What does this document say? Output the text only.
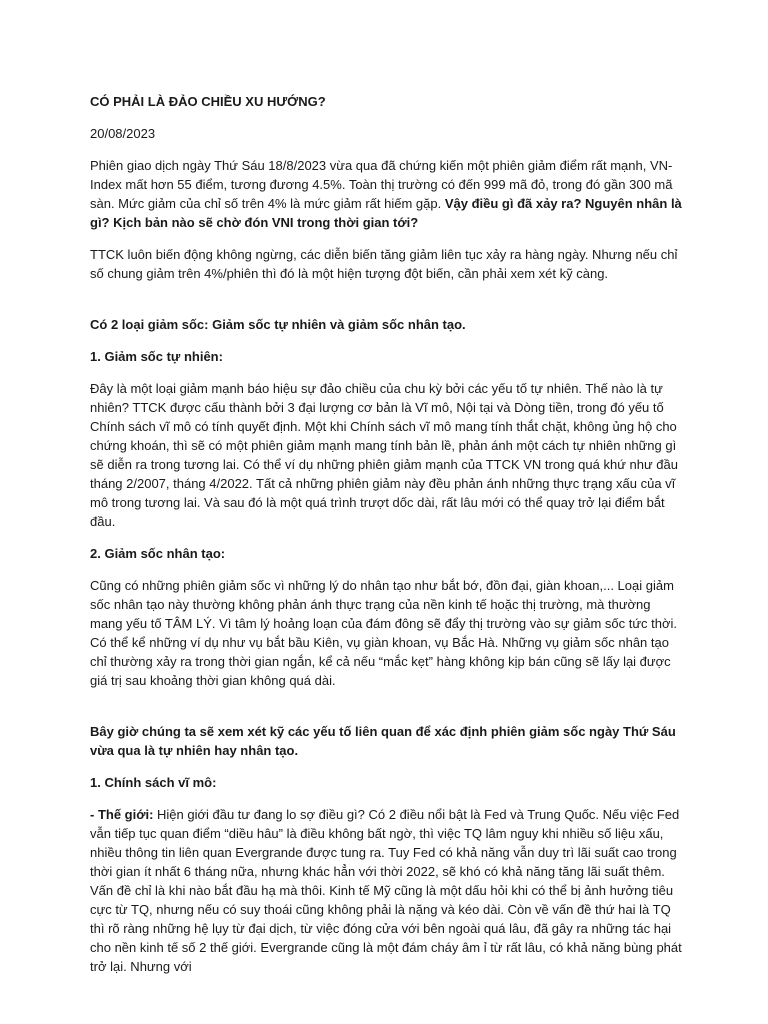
CÓ PHẢI LÀ ĐẢO CHIỀU XU HƯỚNG?

20/08/2023

Phiên giao dịch ngày Thứ Sáu 18/8/2023 vừa qua đã chứng kiến một phiên giảm điểm rất mạnh, VN-Index mất hơn 55 điểm, tương đương 4.5%. Toàn thị trường có đến 999 mã đỏ, trong đó gần 300 mã sàn. Mức giảm của chỉ số trên 4% là mức giảm rất hiếm gặp. Vậy điều gì đã xảy ra? Nguyên nhân là gì? Kịch bản nào sẽ chờ đón VNI trong thời gian tới?

TTCK luôn biến động không ngừng, các diễn biến tăng giảm liên tục xảy ra hàng ngày. Nhưng nếu chỉ số chung giảm trên 4%/phiên thì đó là một hiện tượng đột biến, cần phải xem xét kỹ càng.

Có 2 loại giảm sốc: Giảm sốc tự nhiên và giảm sốc nhân tạo.

1. Giảm sốc tự nhiên:

Đây là một loại giảm mạnh báo hiệu sự đảo chiều của chu kỳ bởi các yếu tố tự nhiên. Thế nào là tự nhiên? TTCK được cấu thành bởi 3 đại lượng cơ bản là Vĩ mô, Nội tại và Dòng tiền, trong đó yếu tố Chính sách vĩ mô có tính quyết định. Một khi Chính sách vĩ mô mang tính thắt chặt, không ủng hộ cho chứng khoán, thì sẽ có một phiên giảm mạnh mang tính bản lề, phản ánh một cách tự nhiên những gì sẽ diễn ra trong tương lai. Có thể ví dụ những phiên giảm mạnh của TTCK VN trong quá khứ như đầu tháng 2/2007, tháng 4/2022. Tất cả những phiên giảm này đều phản ánh những thực trạng xấu của vĩ mô trong tương lai. Và sau đó là một quá trình trượt dốc dài, rất lâu mới có thể quay trở lại điểm bắt đầu.

2. Giảm sốc nhân tạo:

Cũng có những phiên giảm sốc vì những lý do nhân tạo như bắt bớ, đồn đại, giàn khoan,... Loại giảm sốc nhân tạo này thường không phản ánh thực trạng của nền kinh tế hoặc thị trường, mà thường mang yếu tố TÂM LÝ. Vì tâm lý hoảng loạn của đám đông sẽ đẩy thị trường vào sự giảm sốc tức thời. Có thể kể những ví dụ như vụ bắt bầu Kiên, vụ giàn khoan, vụ Bắc Hà. Những vụ giảm sốc nhân tạo chỉ thường xảy ra trong thời gian ngắn, kể cả nếu “mắc kẹt” hàng không kịp bán cũng sẽ lấy lại được giá trị sau khoảng thời gian không quá dài.

Bây giờ chúng ta sẽ xem xét kỹ các yếu tố liên quan để xác định phiên giảm sốc ngày Thứ Sáu vừa qua là tự nhiên hay nhân tạo.

1. Chính sách vĩ mô:

- Thế giới: Hiện giới đầu tư đang lo sợ điều gì? Có 2 điều nổi bật là Fed và Trung Quốc. Nếu việc Fed vẫn tiếp tục quan điểm “diều hâu” là điều không bất ngờ, thì việc TQ lâm nguy khi nhiều số liệu xấu, nhiều thông tin liên quan Evergrande được tung ra. Tuy Fed có khả năng vẫn duy trì lãi suất cao trong thời gian ít nhất 6 tháng nữa, nhưng khác hẳn với thời 2022, sẽ khó có khả năng tăng lãi suất thêm. Vấn đề chỉ là khi nào bắt đầu hạ mà thôi. Kinh tế Mỹ cũng là một dấu hỏi khi có thể bị ảnh hưởng tiêu cực từ TQ, nhưng nếu có suy thoái cũng không phải là nặng và kéo dài. Còn về vấn đề thứ hai là TQ thì rõ ràng những hệ lụy từ đại dịch, từ việc đóng cửa với bên ngoài quá lâu, đã gây ra những tác hại cho nền kinh tế số 2 thế giới. Evergrande cũng là một đám cháy âm ỉ từ rất lâu, có khả năng bùng phát trở lại. Nhưng với
